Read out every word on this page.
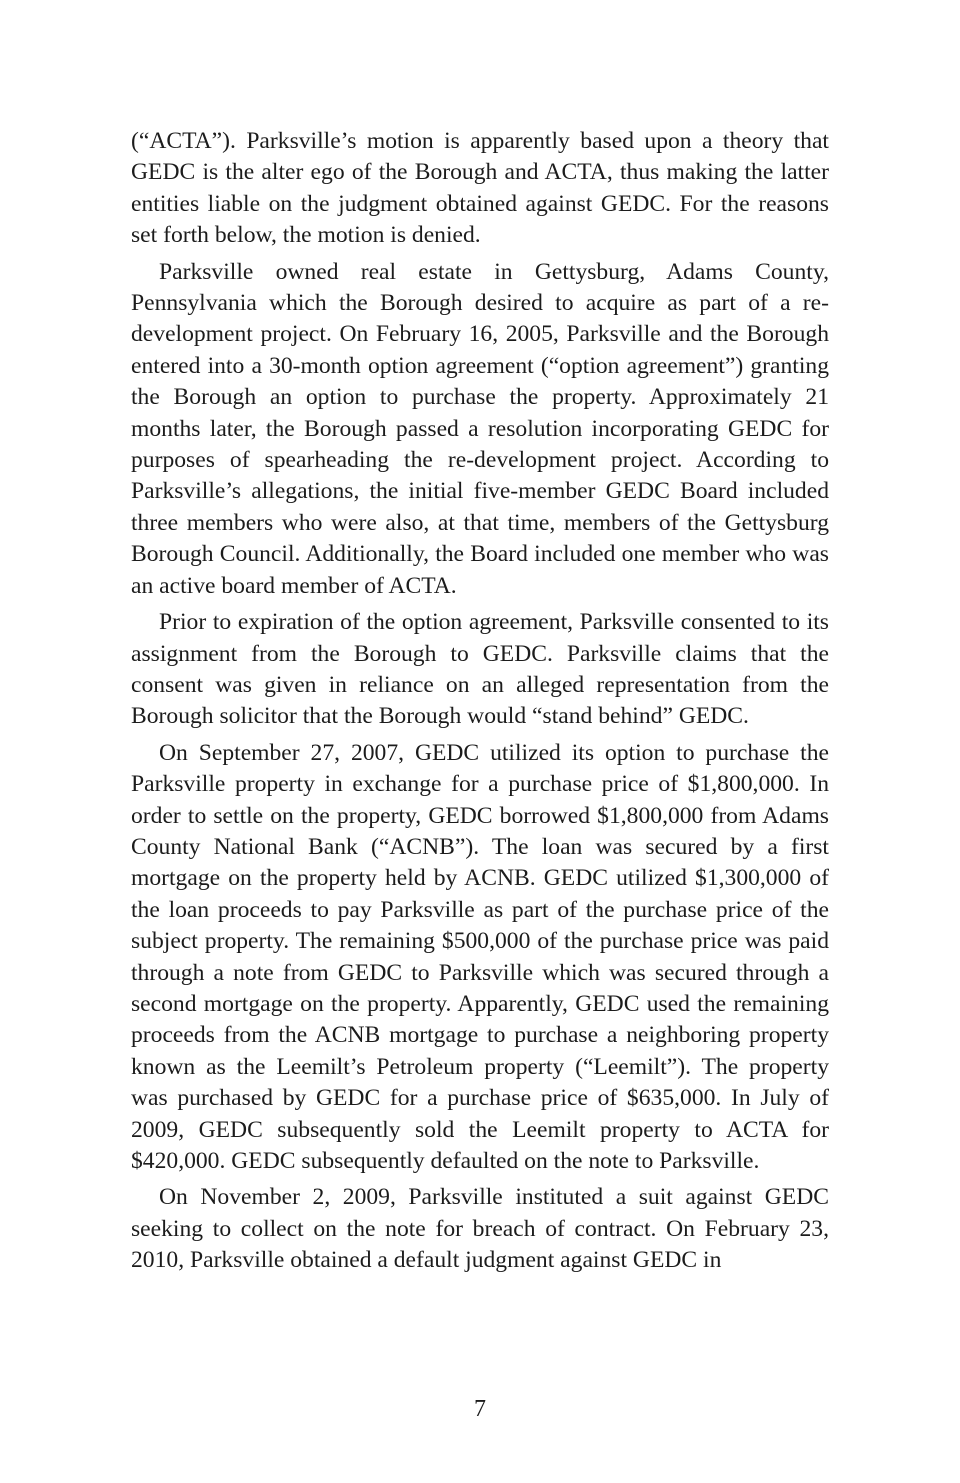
(“ACTA”). Parksville’s motion is apparently based upon a theory that GEDC is the alter ego of the Borough and ACTA, thus making the latter entities liable on the judgment obtained against GEDC. For the reasons set forth below, the motion is denied.

Parksville owned real estate in Gettysburg, Adams County, Pennsylvania which the Borough desired to acquire as part of a redevelopment project. On February 16, 2005, Parksville and the Borough entered into a 30-month option agreement (“option agreement”) granting the Borough an option to purchase the property. Approximately 21 months later, the Borough passed a resolution incorporating GEDC for purposes of spearheading the re-development project. According to Parksville’s allegations, the initial five-member GEDC Board included three members who were also, at that time, members of the Gettysburg Borough Council. Additionally, the Board included one member who was an active board member of ACTA.

Prior to expiration of the option agreement, Parksville consented to its assignment from the Borough to GEDC. Parksville claims that the consent was given in reliance on an alleged representation from the Borough solicitor that the Borough would “stand behind” GEDC.

On September 27, 2007, GEDC utilized its option to purchase the Parksville property in exchange for a purchase price of $1,800,000. In order to settle on the property, GEDC borrowed $1,800,000 from Adams County National Bank (“ACNB”). The loan was secured by a first mortgage on the property held by ACNB. GEDC utilized $1,300,000 of the loan proceeds to pay Parksville as part of the purchase price of the subject property. The remaining $500,000 of the purchase price was paid through a note from GEDC to Parksville which was secured through a second mortgage on the property. Apparently, GEDC used the remaining proceeds from the ACNB mortgage to purchase a neighboring property known as the Leemilt’s Petroleum property (“Leemilt”). The property was purchased by GEDC for a purchase price of $635,000. In July of 2009, GEDC subsequently sold the Leemilt property to ACTA for $420,000. GEDC subsequently defaulted on the note to Parksville.

On November 2, 2009, Parksville instituted a suit against GEDC seeking to collect on the note for breach of contract. On February 23, 2010, Parksville obtained a default judgment against GEDC in

7
